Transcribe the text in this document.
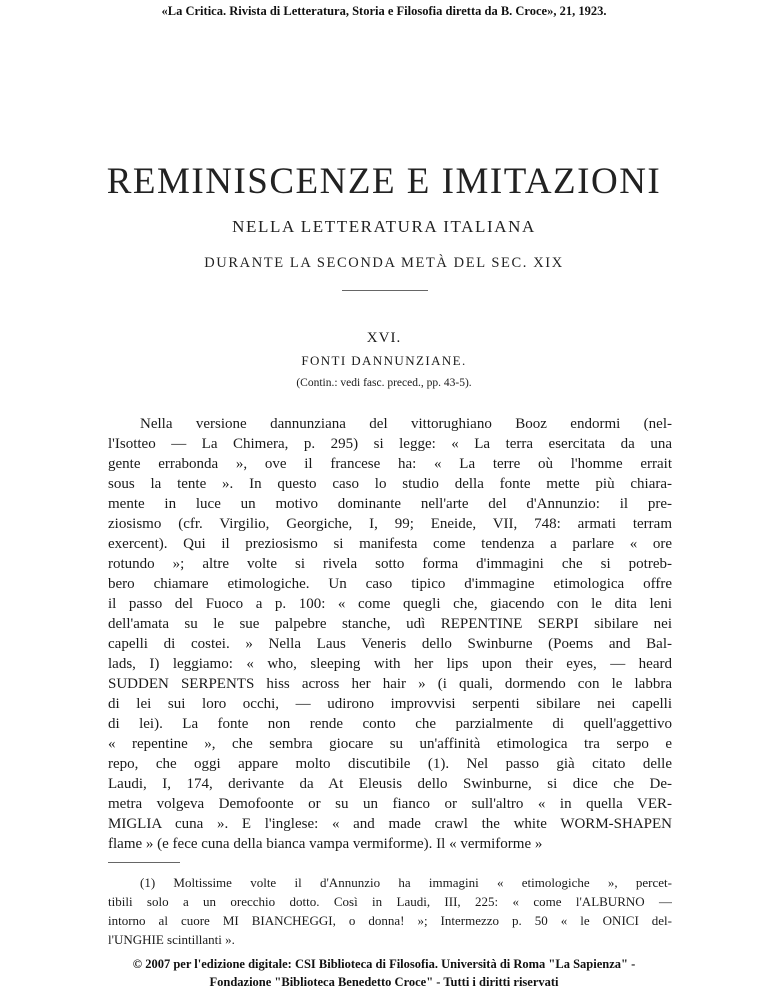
«La Critica. Rivista di Letteratura, Storia e Filosofia diretta da B. Croce», 21, 1923.
REMINISCENZE E IMITAZIONI
NELLA LETTERATURA ITALIANA
DURANTE LA SECONDA METÀ DEL SEC. XIX
XVI.
FONTI DANNUNZIANE.
(Contin.: vedi fasc. preced., pp. 43-5).
Nella versione dannunziana del vittorughiano Booz endormi (nel-
l'Isotteo — La Chimera, p. 295) si legge: « La terra esercitata da una
gente errabonda », ove il francese ha: « La terre où l'homme errait
sous la tente ». In questo caso lo studio della fonte mette più chiara-
mente in luce un motivo dominante nell'arte del d'Annunzio: il pre-
ziosismo (cfr. Virgilio, Georgiche, I, 99; Eneide, VII, 748: armati terram
exercent). Qui il preziosismo si manifesta come tendenza a parlare « ore
rotundo »; altre volte si rivela sotto forma d'immagini che si potreb-
bero chiamare etimologiche. Un caso tipico d'immagine etimologica offre
il passo del Fuoco a p. 100: « come quegli che, giacendo con le dita leni
dell'amata su le sue palpebre stanche, udì REPENTINE SERPI sibilare nei
capelli di costei. » Nella Laus Veneris dello Swinburne (Poems and Bal-
lads, I) leggiamo: « who, sleeping with her lips upon their eyes, — heard
SUDDEN SERPENTS hiss across her hair » (i quali, dormendo con le labbra
di lei sui loro occhi, — udirono improvvisi serpenti sibilare nei capelli
di lei). La fonte non rende conto che parzialmente di quell'aggettivo
« repentine », che sembra giocare su un'affinità etimologica tra serpo e
repo, che oggi appare molto discutibile (1). Nel passo già citato delle
Laudi, I, 174, derivante da At Eleusis dello Swinburne, si dice che De-
metra volgeva Demofoonte or su un fianco or sull'altro « in quella VER-
MIGLIA cuna ». E l'inglese: « and made crawl the white WORM-SHAPEN
flame » (e fece cuna della bianca vampa vermiforme). Il « vermiforme »
(1) Moltissime volte il d'Annunzio ha immagini « etimologiche », percet-
tibili solo a un orecchio dotto. Così in Laudi, III, 225: « come l'ALBURNO —
intorno al cuore MI BIANCHEGGI, o donna! »; Intermezzo p. 50 « le ONICI del-
l'UNGHIE scintillanti ».
© 2007 per l'edizione digitale: CSI Biblioteca di Filosofia. Università di Roma "La Sapienza" -
Fondazione "Biblioteca Benedetto Croce" - Tutti i diritti riservati
